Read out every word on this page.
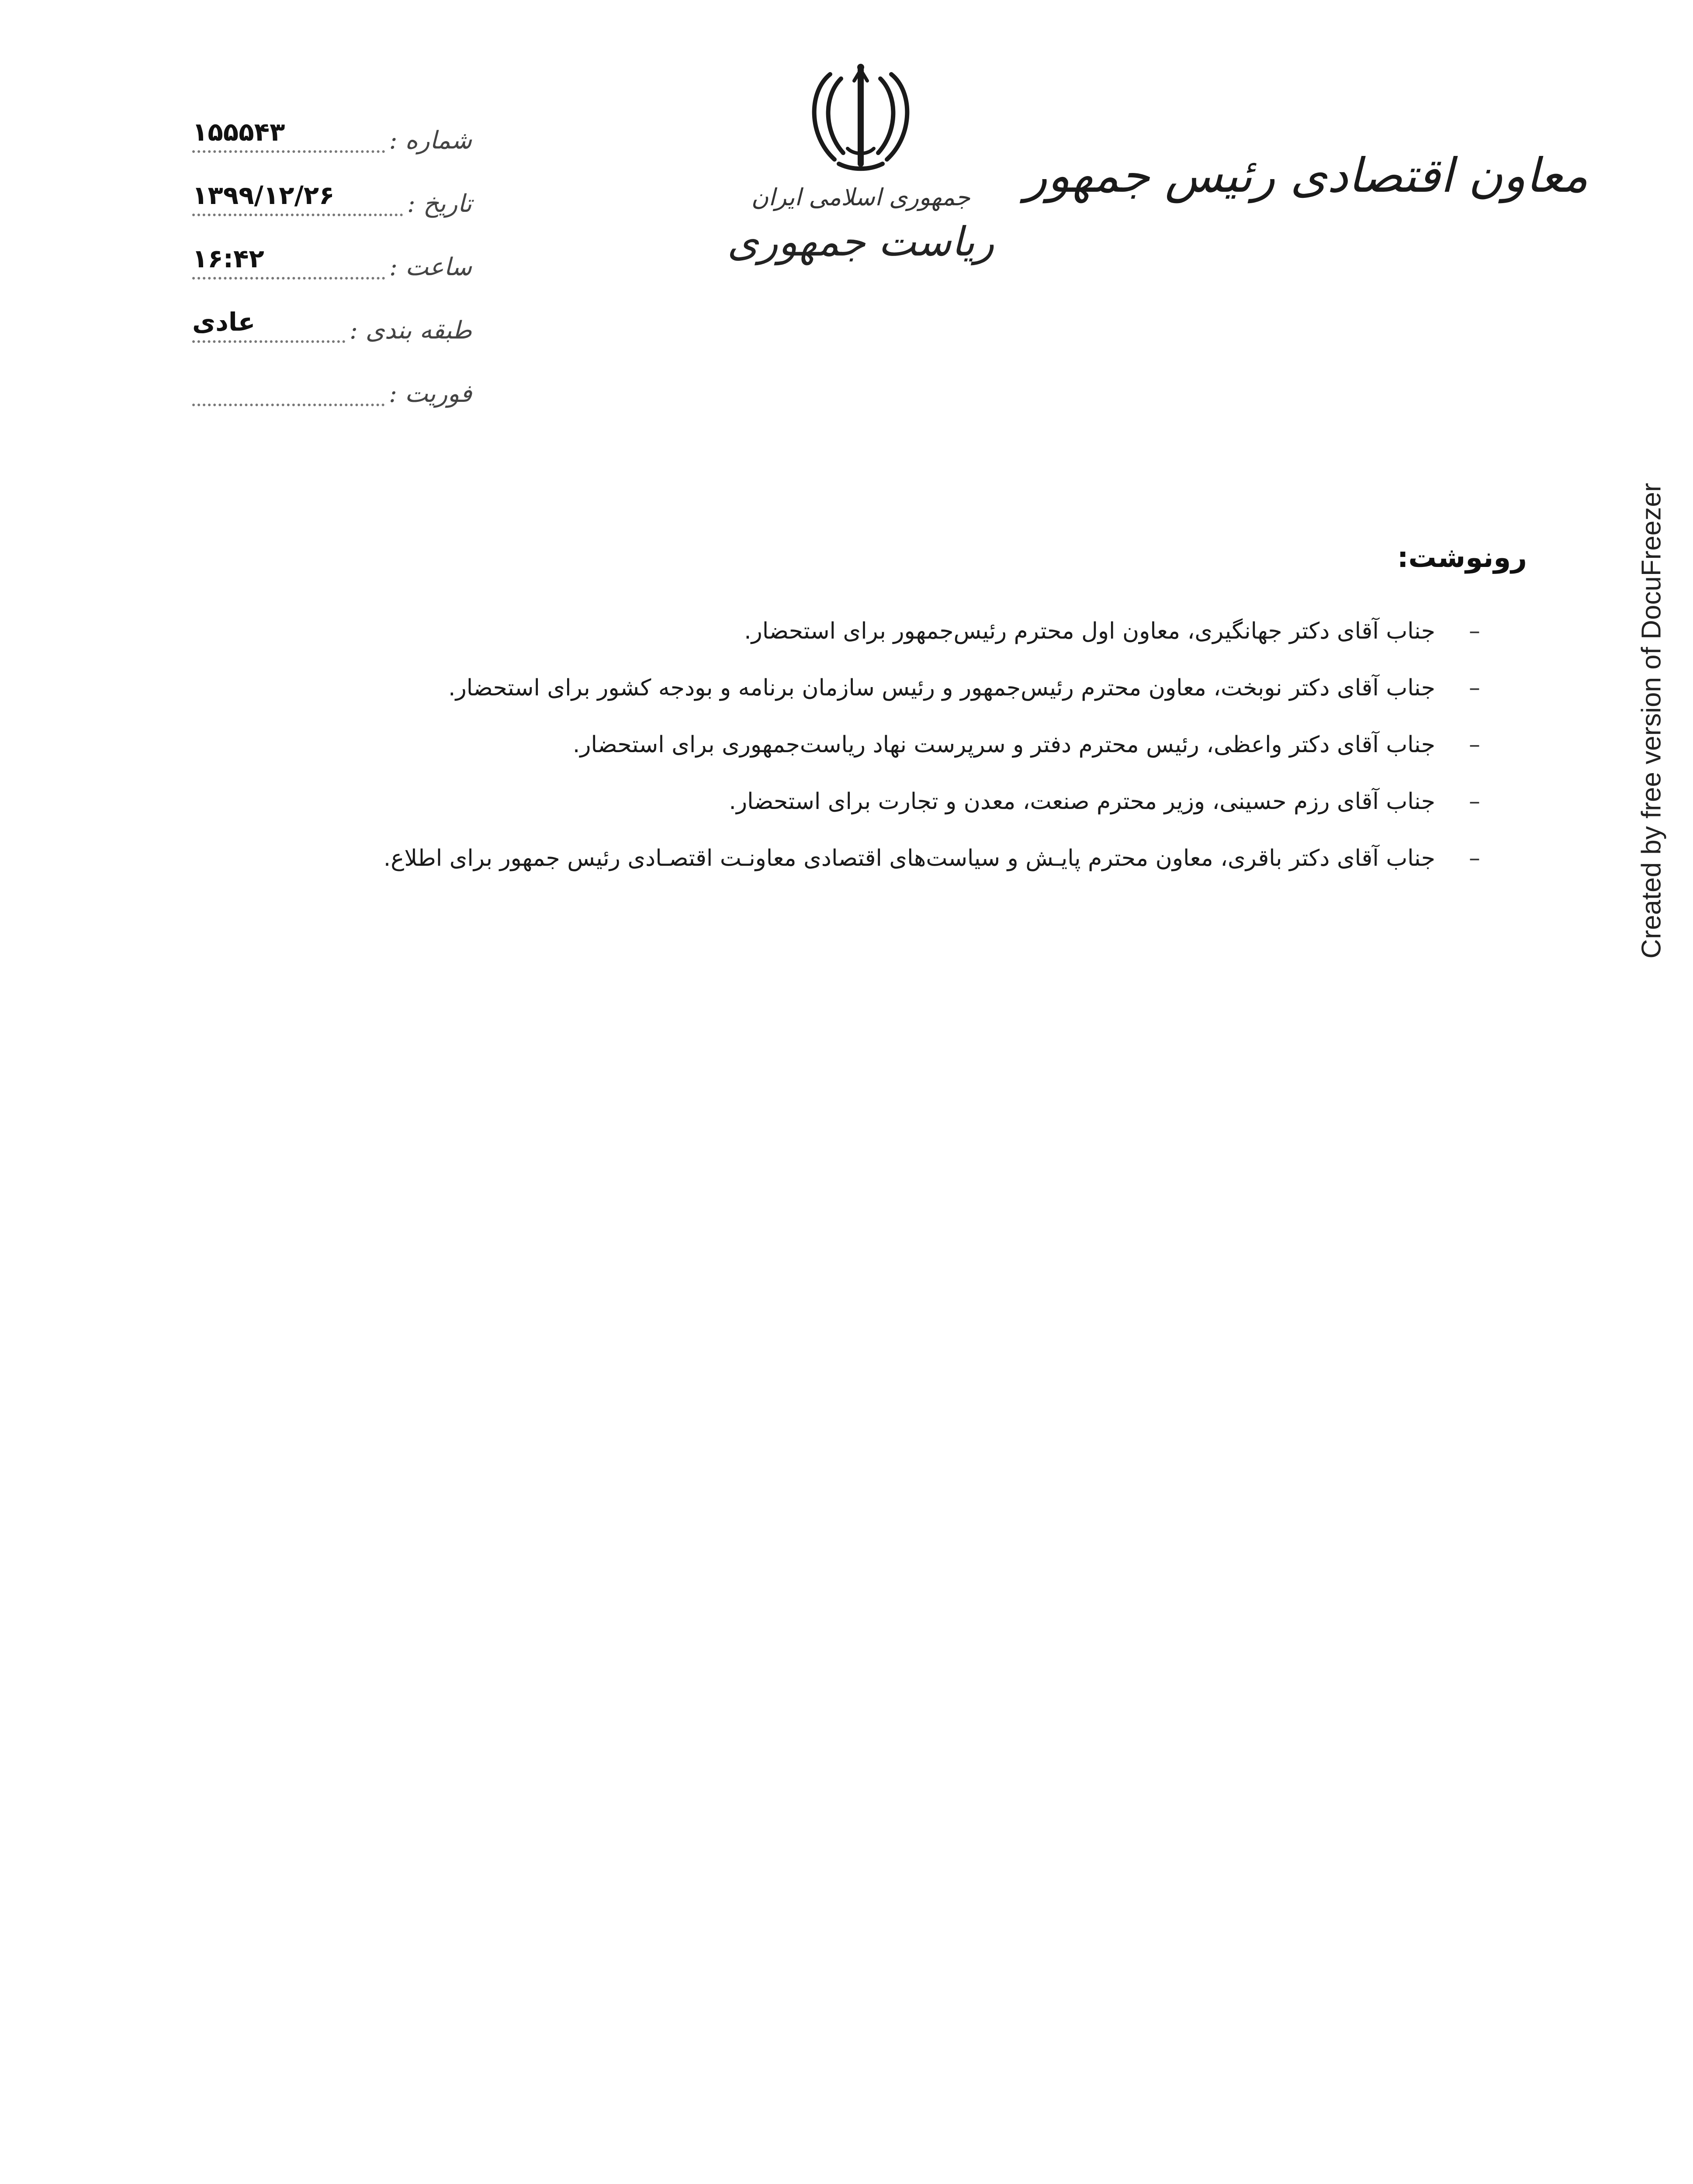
معاون اقتصادی رئیس جمهور
جمهوری اسلامی ایران
ریاست جمهوری
شماره :
۱۵۵۵۴۳
تاریخ :
۱۳۹۹/۱۲/۲۶
ساعت :
۱۶:۴۲
طبقه بندی :
عادی
فوریت :
رونوشت:
–
جناب آقای دکتر جهانگیری، معاون اول محترم رئیس‌جمهور برای استحضار.
–
جناب آقای دکتر نوبخت، معاون محترم رئیس‌جمهور و رئیس سازمان برنامه و بودجه کشور برای استحضار.
–
جناب آقای دکتر واعظی، رئیس محترم دفتر و سرپرست نهاد ریاست‌جمهوری برای استحضار.
–
جناب آقای رزم حسینی، وزیر محترم صنعت، معدن و تجارت برای استحضار.
–
جناب آقای دکتر باقری، معاون محترم پایـش و سیاست‌های اقتصادی معاونـت اقتصـادی رئیس جمهور برای اطلاع.	Created by free version of DocuFreezer
